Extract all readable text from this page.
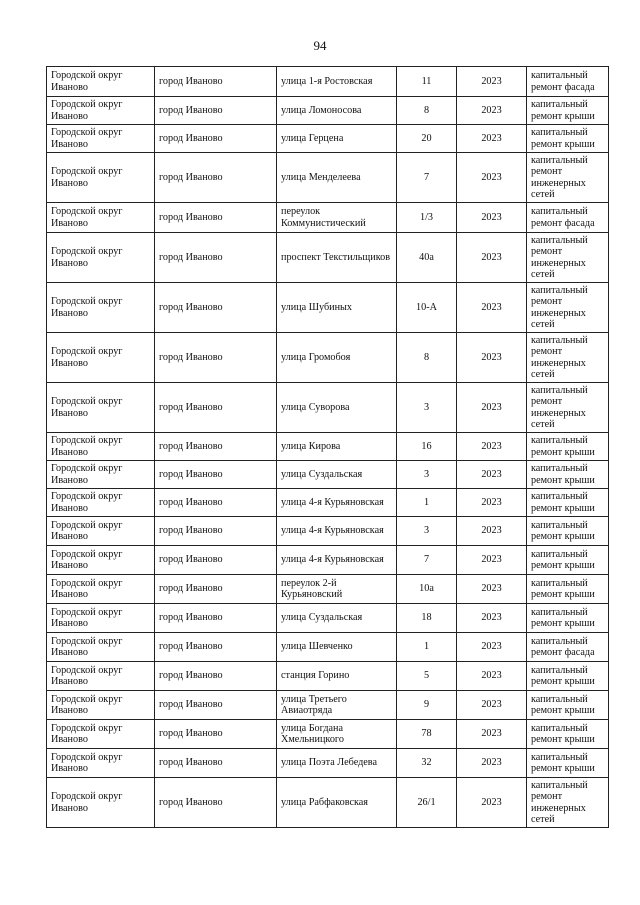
94
Городской округ Иваново	город Иваново	улица 1-я Ростовская	11	2023	капитальный ремонт фасада
Городской округ Иваново	город Иваново	улица Ломоносова	8	2023	капитальный ремонт крыши
Городской округ Иваново	город Иваново	улица Герцена	20	2023	капитальный ремонт крыши
Городской округ Иваново	город Иваново	улица Менделеева	7	2023	капитальный ремонт инженерных сетей
Городской округ Иваново	город Иваново	переулок Коммунистический	1/3	2023	капитальный ремонт фасада
Городской округ Иваново	город Иваново	проспект Текстильщиков	40а	2023	капитальный ремонт инженерных сетей
Городской округ Иваново	город Иваново	улица Шубиных	10-А	2023	капитальный ремонт инженерных сетей
Городской округ Иваново	город Иваново	улица Громобоя	8	2023	капитальный ремонт инженерных сетей
Городской округ Иваново	город Иваново	улица Суворова	3	2023	капитальный ремонт инженерных сетей
Городской округ Иваново	город Иваново	улица Кирова	16	2023	капитальный ремонт крыши
Городской округ Иваново	город Иваново	улица Суздальская	3	2023	капитальный ремонт крыши
Городской округ Иваново	город Иваново	улица 4-я Курьяновская	1	2023	капитальный ремонт крыши
Городской округ Иваново	город Иваново	улица 4-я Курьяновская	3	2023	капитальный ремонт крыши
Городской округ Иваново	город Иваново	улица 4-я Курьяновская	7	2023	капитальный ремонт крыши
Городской округ Иваново	город Иваново	переулок 2-й Курьяновский	10а	2023	капитальный ремонт крыши
Городской округ Иваново	город Иваново	улица Суздальская	18	2023	капитальный ремонт крыши
Городской округ Иваново	город Иваново	улица Шевченко	1	2023	капитальный ремонт фасада
Городской округ Иваново	город Иваново	станция Горино	5	2023	капитальный ремонт крыши
Городской округ Иваново	город Иваново	улица Третьего Авиаотряда	9	2023	капитальный ремонт крыши
Городской округ Иваново	город Иваново	улица Богдана Хмельницкого	78	2023	капитальный ремонт крыши
Городской округ Иваново	город Иваново	улица Поэта Лебедева	32	2023	капитальный ремонт крыши
Городской округ Иваново	город Иваново	улица Рабфаковская	26/1	2023	капитальный ремонт инженерных сетей
